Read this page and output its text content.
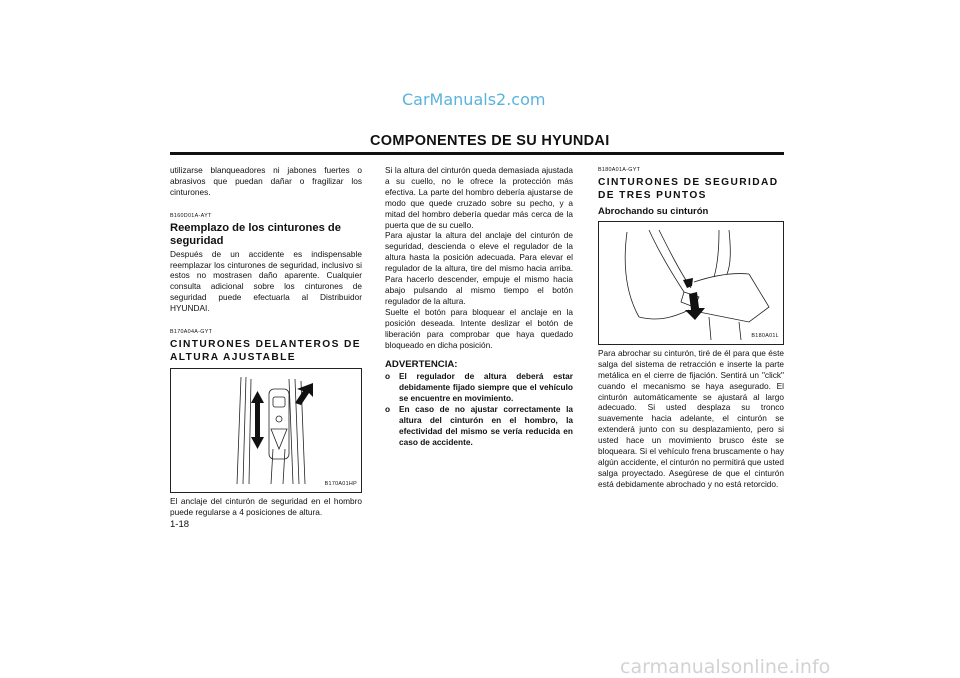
CarManuals2.com
COMPONENTES DE SU HYUNDAI

utilizarse blanqueadores ni jabones fuertes o abrasivos que puedan dañar o fragilizar los cinturones.

B160D01A-AYT
Reemplazo de los cinturones de seguridad

Después de un accidente es indispensable reemplazar los cinturones de seguridad, inclusivo si estos no mostrasen daño aparente. Cualquier consulta adicional sobre los cinturones de seguridad puede efectuarla al Distribuidor HYUNDAI.

B170A04A-GYT
CINTURONES DELANTEROS DE ALTURA AJUSTABLE
B170A01HP

El anclaje del cinturón de seguridad en el hombro puede regularse a 4 posiciones de altura.

Si la altura del cinturón queda demasiada ajustada a su cuello, no le ofrece la protección más efectiva. La parte del hombro debería ajustarse de modo que quede cruzado sobre su pecho, y a mitad del hombro debería quedar más cerca de la puerta que de su cuello.

Para ajustar la altura del anclaje del cinturón de seguridad, descienda o eleve el regulador de la altura hasta la posición adecuada. Para elevar el regulador de la altura, tire del mismo hacia arriba. Para hacerlo descender, empuje el mismo hacia abajo pulsando al mismo tiempo el botón regulador de la altura.

Suelte el botón para bloquear el anclaje en la posición deseada. Intente deslizar el botón de liberación para comprobar que haya quedado bloqueado en dicha posición.

ADVERTENCIA:
o El regulador de altura deberá estar debidamente fijado siempre que el vehículo se encuentre en movimiento.
o En caso de no ajustar correctamente la altura del cinturón en el hombro, la efectividad del mismo se vería reducida en caso de accidente.
B180A01A-GYT
CINTURONES DE SEGURIDAD DE TRES PUNTOS
Abrochando su cinturón
B180A01L

Para abrochar su cinturón, tiré de él para que éste salga del sistema de retracción e inserte la parte metálica en el cierre de fijación. Sentirá un "click" cuando el mecanismo se haya asegurado. El cinturón automáticamente se ajustará al largo adecuado. Si usted desplaza su tronco suavemente hacia adelante, el cinturón se extenderá junto con su desplazamiento, pero si usted hace un movimiento brusco éste se bloqueara. Si el vehículo frena bruscamente o hay algún accidente, el cinturón no permitirá que usted salga proyectado. Asegúrese de que el cinturón está debidamente abrochado y no está retorcido.

1-18
carmanualsonline.info
